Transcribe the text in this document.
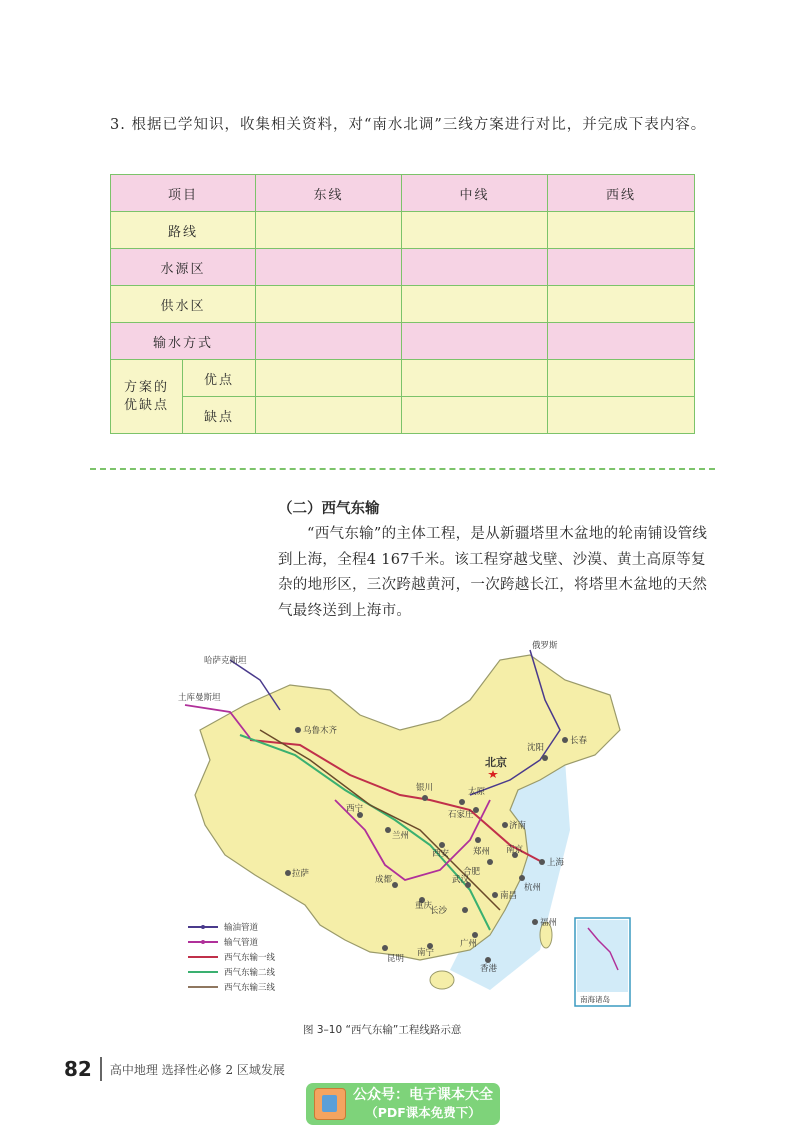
3. 根据已学知识，收集相关资料，对“南水北调”三线方案进行对比，并完成下表内容。
项目		东线	中线	西线
路线				
水源区				
供水区				
输水方式				

方案的优缺点	优点			
	缺点			
（二）西气东输

“西气东输”的主体工程，是从新疆塔里木盆地的轮南铺设管线到上海，全程4 167千米。该工程穿越戈壁、沙漠、黄土高原等复杂的地形区，三次跨越黄河，一次跨越长江，将塔里木盆地的天然气最终送到上海市。

哈萨克斯坦
土库曼斯坦
俄罗斯
乌鲁木齐
北京
沈阳
长春
银川	太原
石家庄
济南
西宁
兰州
西安	郑州
合肥
南京
上海
杭州
武汉
南昌
长沙
成都
重庆
拉萨
福州
昆明
南宁
广州
香港
输油管道
输气管道
西气东输一线
西气东输二线
西气东输三线
南海诸岛
图 3–10 “西气东输”工程线路示意
82 高中地理 选择性必修 2 区域发展
公众号：电子课本大全
（PDF课本免费下）
